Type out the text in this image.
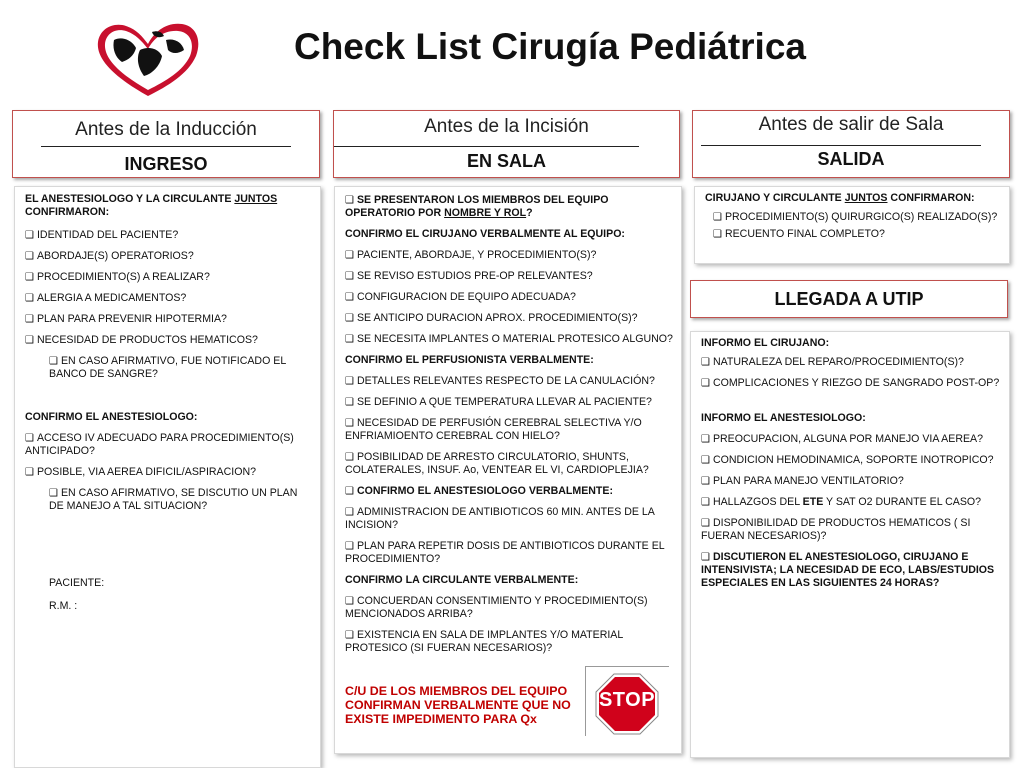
Check List Cirugía Pediátrica
Antes de la Inducción
INGRESO
Antes de la Incisión
EN SALA
Antes de salir de Sala
SALIDA

EL ANESTESIOLOGO Y LA CIRCULANTE JUNTOS CONFIRMARON:

❑ IDENTIDAD DEL PACIENTE?

❑ ABORDAJE(S) OPERATORIOS?

❑ PROCEDIMIENTO(S) A REALIZAR?

❑ ALERGIA A MEDICAMENTOS?

❑ PLAN PARA PREVENIR HIPOTERMIA?

❑ NECESIDAD DE PRODUCTOS HEMATICOS?

❑ EN CASO AFIRMATIVO, FUE NOTIFICADO EL BANCO DE SANGRE?

CONFIRMO EL ANESTESIOLOGO:

❑ ACCESO IV ADECUADO PARA PROCEDIMIENTO(S) ANTICIPADO?

❑ POSIBLE, VIA AEREA DIFICIL/ASPIRACION?

❑ EN CASO AFIRMATIVO, SE DISCUTIO UN PLAN DE MANEJO A TAL SITUACION?

PACIENTE:

R.M. :

❑ SE PRESENTARON LOS MIEMBROS DEL EQUIPO OPERATORIO POR NOMBRE Y ROL?

CONFIRMO EL CIRUJANO VERBALMENTE AL EQUIPO:

❑ PACIENTE, ABORDAJE, Y PROCEDIMIENTO(S)?

❑ SE REVISO ESTUDIOS PRE-OP RELEVANTES?

❑ CONFIGURACION DE EQUIPO ADECUADA?

❑ SE ANTICIPO DURACION APROX. PROCEDIMIENTO(S)?

❑ SE NECESITA IMPLANTES O MATERIAL PROTESICO ALGUNO?

CONFIRMO EL PERFUSIONISTA VERBALMENTE:

❑ DETALLES RELEVANTES RESPECTO DE LA CANULACIÓN?

❑ SE DEFINIO A QUE TEMPERATURA LLEVAR AL PACIENTE?

❑ NECESIDAD DE PERFUSIÓN CEREBRAL SELECTIVA Y/O ENFRIAMIOENTO CEREBRAL CON HIELO?

❑ POSIBILIDAD DE ARRESTO CIRCULATORIO, SHUNTS, COLATERALES, INSUF. Ao, VENTEAR EL VI, CARDIOPLEJIA?

❑ CONFIRMO EL ANESTESIOLOGO VERBALMENTE:

❑ ADMINISTRACION DE ANTIBIOTICOS 60 MIN. ANTES DE LA INCISION?

❑ PLAN PARA REPETIR DOSIS DE ANTIBIOTICOS DURANTE EL PROCEDIMIENTO?

CONFIRMO LA CIRCULANTE VERBALMENTE:

❑ CONCUERDAN CONSENTIMIENTO Y PROCEDIMIENTO(S) MENCIONADOS ARRIBA?

❑ EXISTENCIA EN SALA DE IMPLANTES Y/O MATERIAL PROTESICO (SI FUERAN NECESARIOS)?

C/U DE LOS MIEMBROS DEL EQUIPO
CONFIRMAN VERBALMENTE QUE NO
EXISTE IMPEDIMENTO PARA Qx
STOP

CIRUJANO Y CIRCULANTE JUNTOS CONFIRMARON:

❑ PROCEDIMIENTO(S) QUIRURGICO(S) REALIZADO(S)?

❑ RECUENTO FINAL COMPLETO?

LLEGADA A UTIP

INFORMO EL CIRUJANO:

❑ NATURALEZA DEL REPARO/PROCEDIMIENTO(S)?

❑ COMPLICACIONES Y RIEZGO DE SANGRADO POST-OP?

INFORMO EL ANESTESIOLOGO:

❑ PREOCUPACION, ALGUNA POR MANEJO VIA AEREA?

❑ CONDICION HEMODINAMICA, SOPORTE INOTROPICO?

❑ PLAN PARA MANEJO VENTILATORIO?

❑ HALLAZGOS DEL ETE Y SAT O2 DURANTE EL CASO?

❑ DISPONIBILIDAD DE PRODUCTOS HEMATICOS ( SI FUERAN NECESARIOS)?

❑ DISCUTIERON EL ANESTESIOLOGO, CIRUJANO E INTENSIVISTA; LA NECESIDAD DE ECO, LABS/ESTUDIOS ESPECIALES EN LAS SIGUIENTES 24 HORAS?
